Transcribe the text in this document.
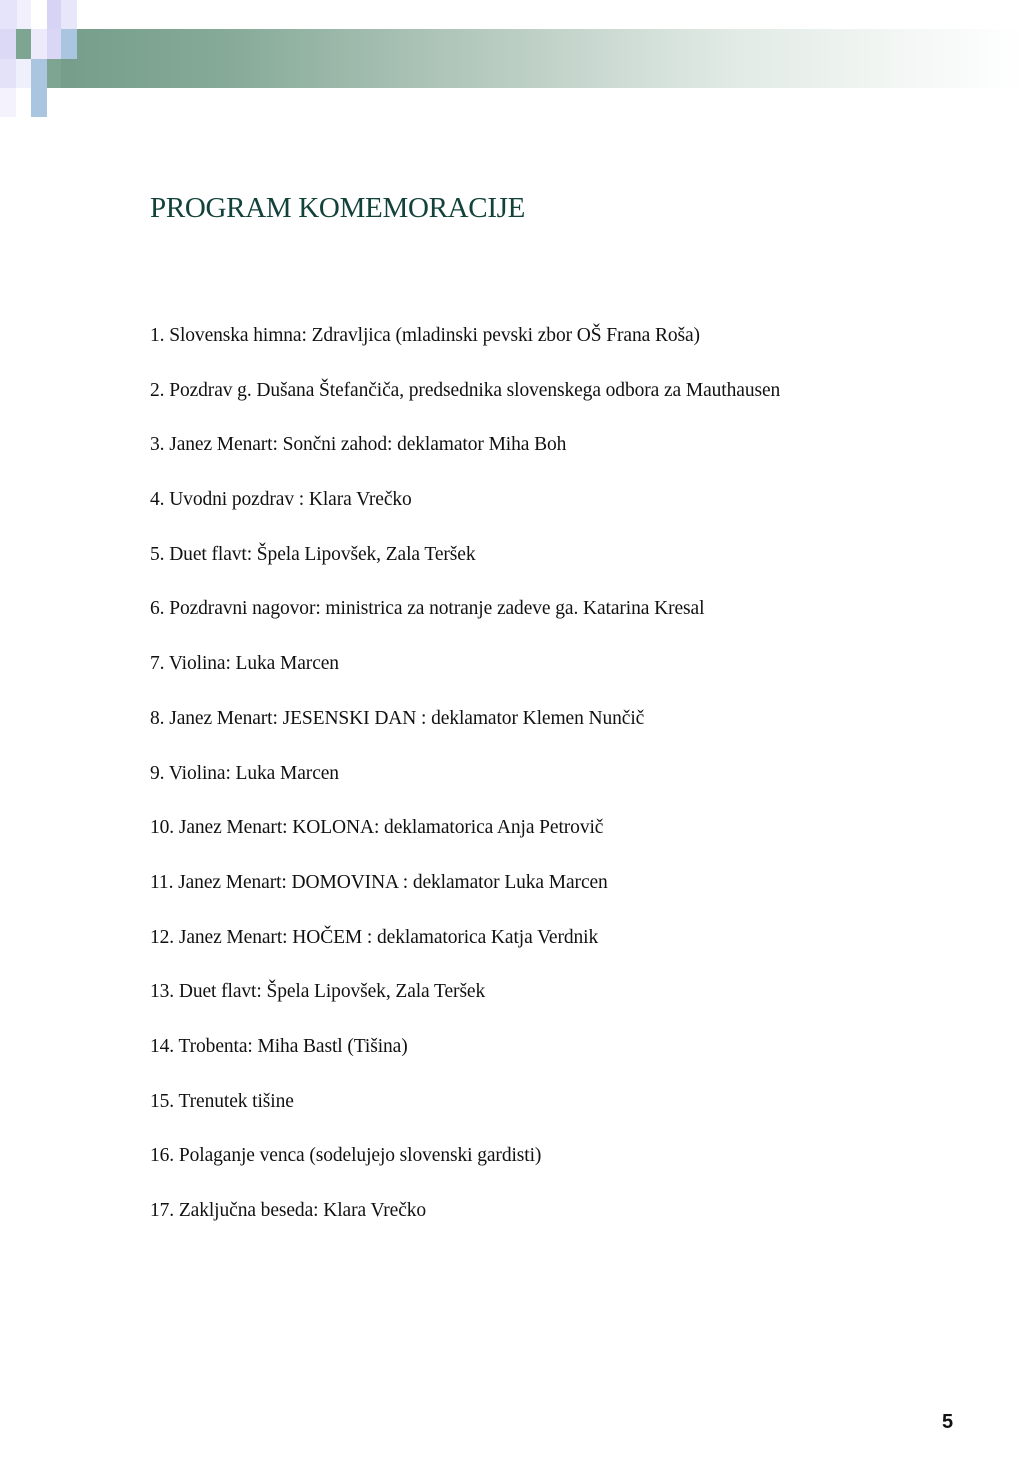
PROGRAM KOMEMORACIJE
1. Slovenska himna: Zdravljica (mladinski pevski zbor OŠ Frana Roša)
2. Pozdrav g. Dušana Štefančiča, predsednika slovenskega odbora za Mauthausen
3. Janez Menart: Sončni zahod: deklamator Miha Boh
4. Uvodni pozdrav : Klara Vrečko
5. Duet flavt: Špela Lipovšek, Zala Teršek
6. Pozdravni nagovor: ministrica za notranje zadeve ga. Katarina Kresal
7. Violina: Luka Marcen
8. Janez Menart: JESENSKI DAN : deklamator Klemen Nunčič
9. Violina: Luka Marcen
10. Janez Menart: KOLONA: deklamatorica Anja Petrovič
11. Janez Menart: DOMOVINA : deklamator Luka Marcen
12. Janez Menart: HOČEM : deklamatorica Katja Verdnik
13. Duet flavt: Špela Lipovšek, Zala Teršek
14. Trobenta: Miha Bastl (Tišina)
15. Trenutek tišine
16. Polaganje venca (sodelujejo slovenski gardisti)
17. Zaključna beseda: Klara Vrečko
5
